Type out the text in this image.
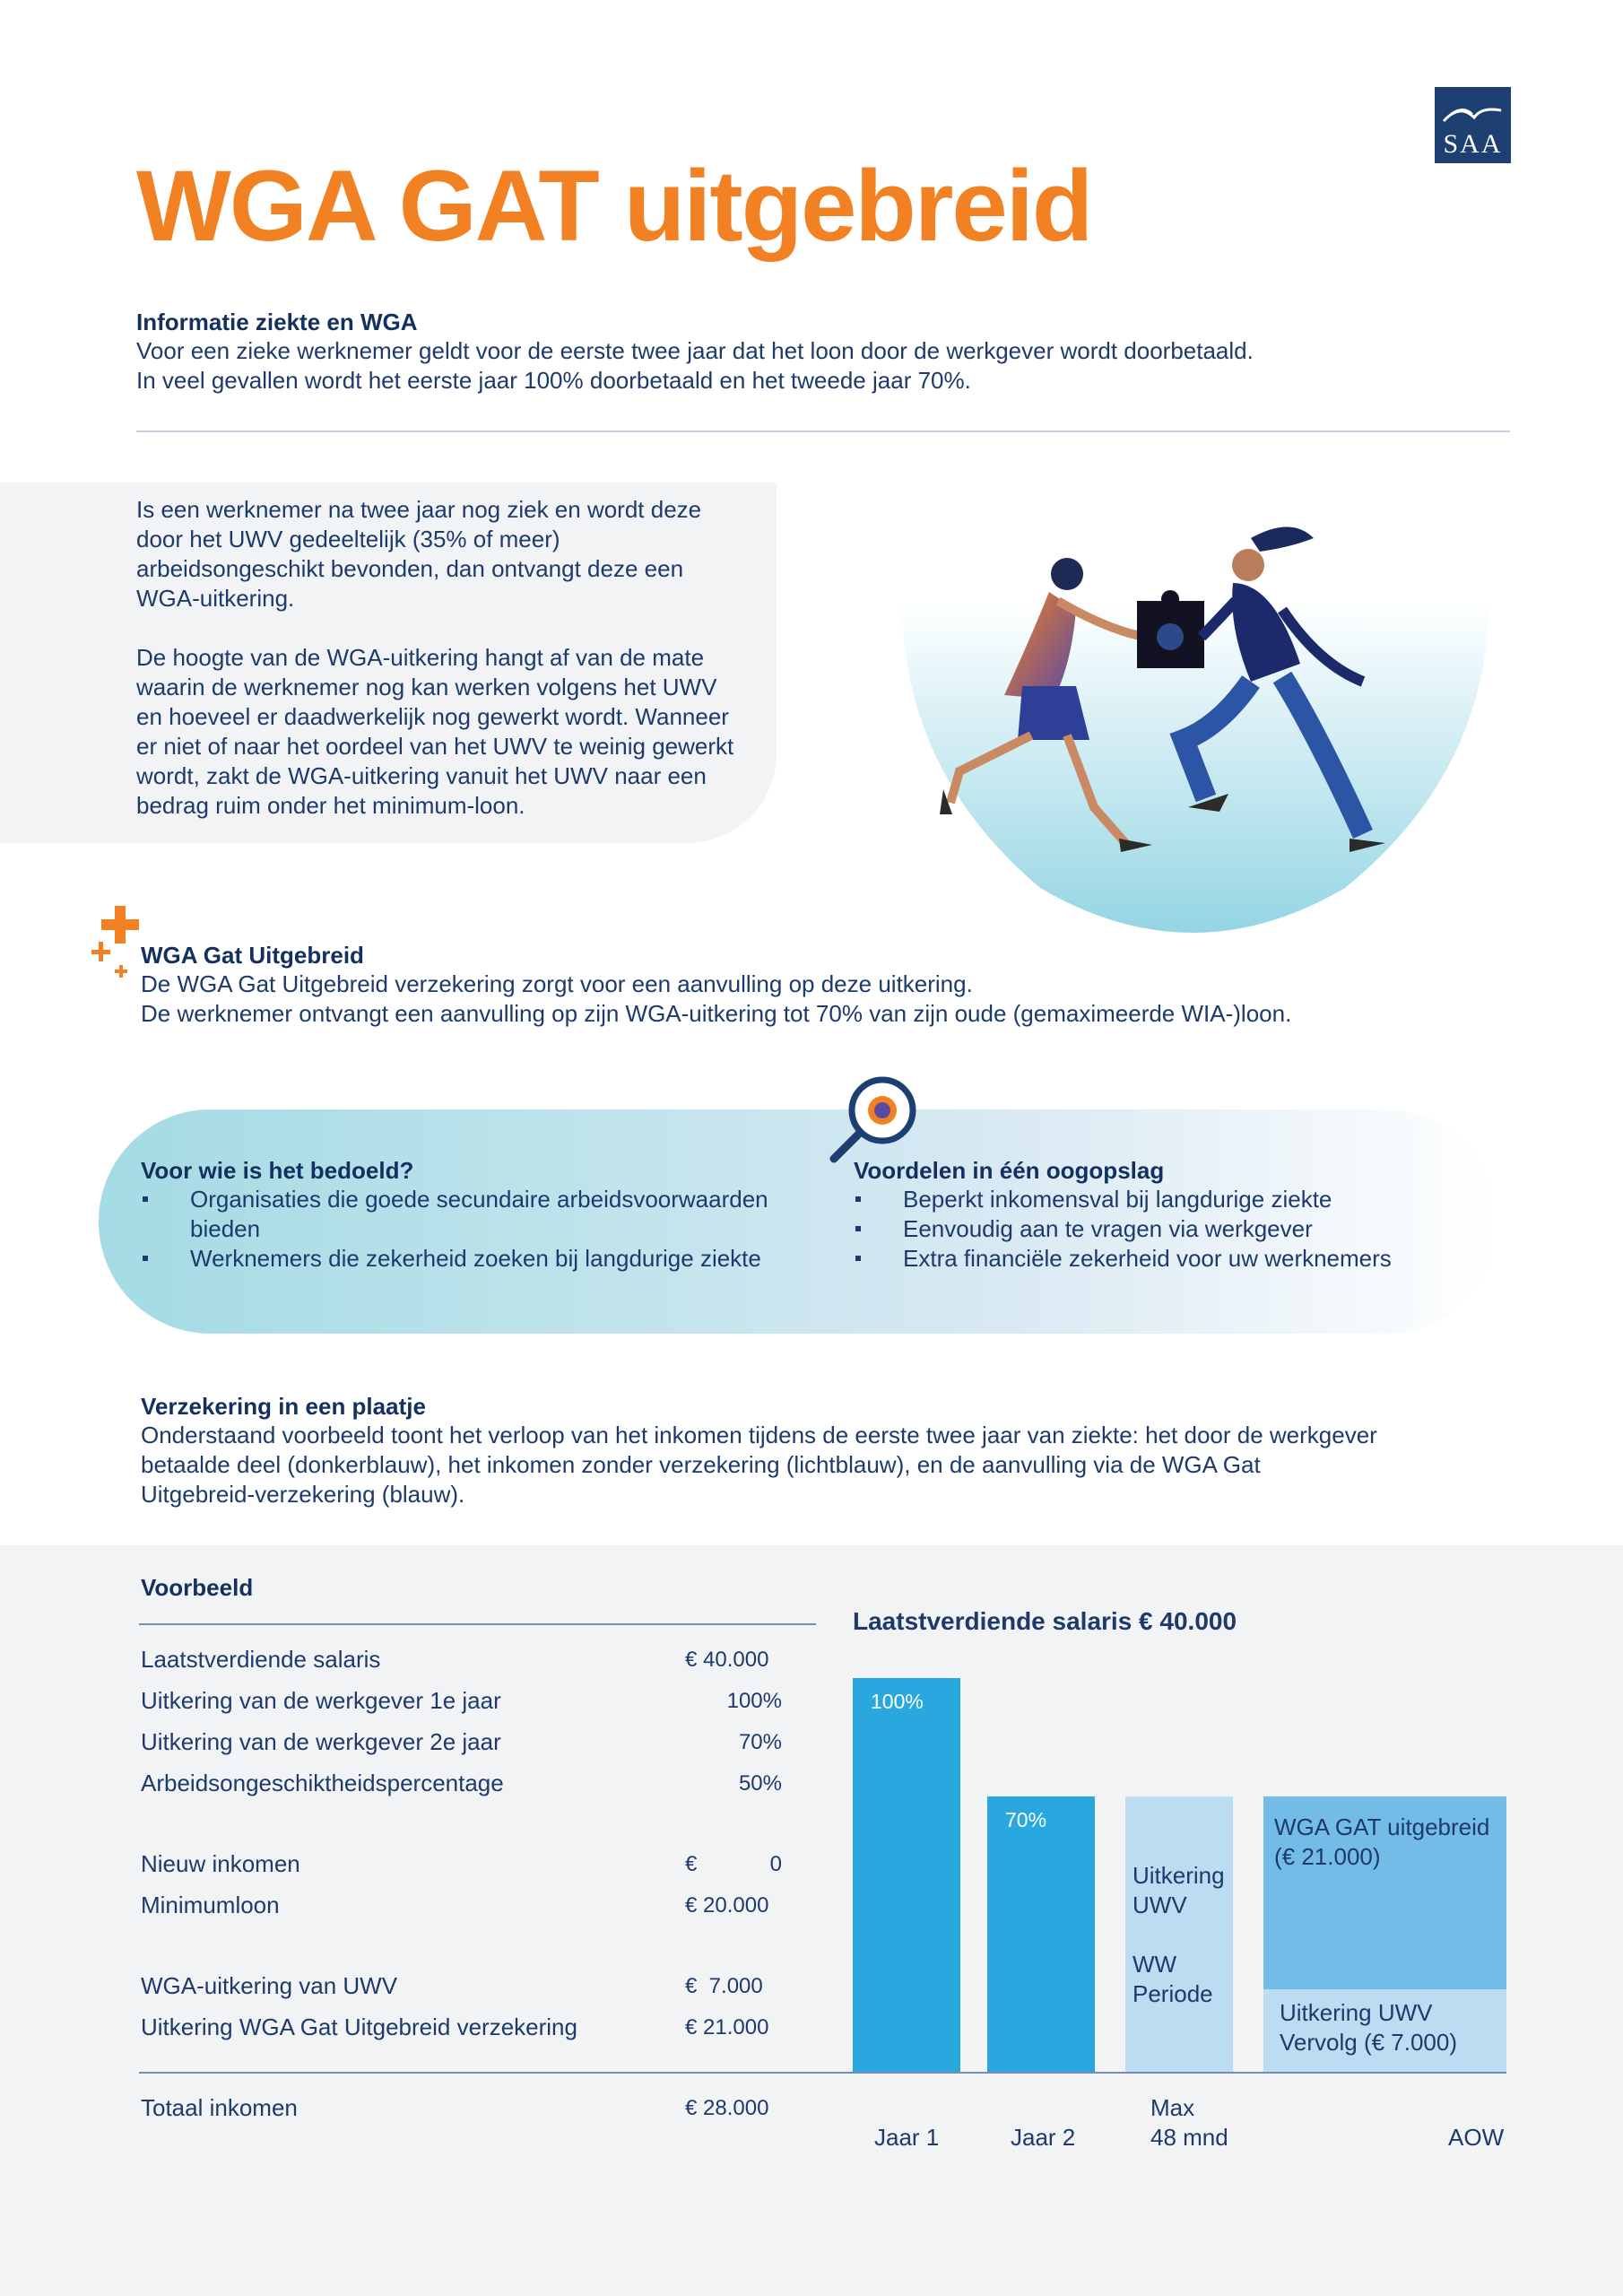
SAA
WGA GAT uitgebreid
Informatie ziekte en WGA
Voor een zieke werknemer geldt voor de eerste twee jaar dat het loon door de werkgever wordt doorbetaald.
In veel gevallen wordt het eerste jaar 100% doorbetaald en het tweede jaar 70%.

Is een werknemer na twee jaar nog ziek en wordt deze door het UWV gedeeltelijk (35% of meer) arbeidsongeschikt bevonden, dan ontvangt deze een WGA-uitkering.

De hoogte van de WGA-uitkering hangt af van de mate waarin de werknemer nog kan werken volgens het UWV en hoeveel er daadwerkelijk nog gewerkt wordt. Wanneer er niet of naar het oordeel van het UWV te weinig gewerkt wordt, zakt de WGA-uitkering vanuit het UWV naar een bedrag ruim onder het minimum-loon.

WGA Gat Uitgebreid
De WGA Gat Uitgebreid verzekering zorgt voor een aanvulling op deze uitkering.
De werknemer ontvangt een aanvulling op zijn WGA-uitkering tot 70% van zijn oude (gemaximeerde WIA-)loon.
Voor wie is het bedoeld?
Organisaties die goede secundaire arbeidsvoorwaarden bieden
Werknemers die zekerheid zoeken bij langdurige ziekte
Voordelen in één oogopslag
Beperkt inkomensval bij langdurige ziekte
Eenvoudig aan te vragen via werkgever
Extra financiële zekerheid voor uw werknemers
Verzekering in een plaatje
Onderstaand voorbeeld toont het verloop van het inkomen tijdens de eerste twee jaar van ziekte: het door de werkgever
betaalde deel (donkerblauw), het inkomen zonder verzekering (lichtblauw), en de aanvulling via de WGA Gat
Uitgebreid-verzekering (blauw).
Voorbeeld
Laatstverdiende salaris	€ 40.000
Uitkering van de werkgever 1e jaar	100%
Uitkering van de werkgever 2e jaar	70%
Arbeidsongeschiktheidspercentage	50%
Nieuw inkomen	€	0
Minimumloon	€ 20.000
WGA-uitkering van UWV	€  7.000
Uitkering WGA Gat Uitgebreid verzekering	€ 21.000
Totaal inkomen	€ 28.000
Laatstverdiende salaris € 40.000
100%
70%
Uitkering
UWV

WW
Periode
Uitkering UWV
Vervolg (€ 7.000)
WGA GAT uitgebreid
(€ 21.000)
Jaar 1	Jaar 2
Max
48 mnd	AOW
